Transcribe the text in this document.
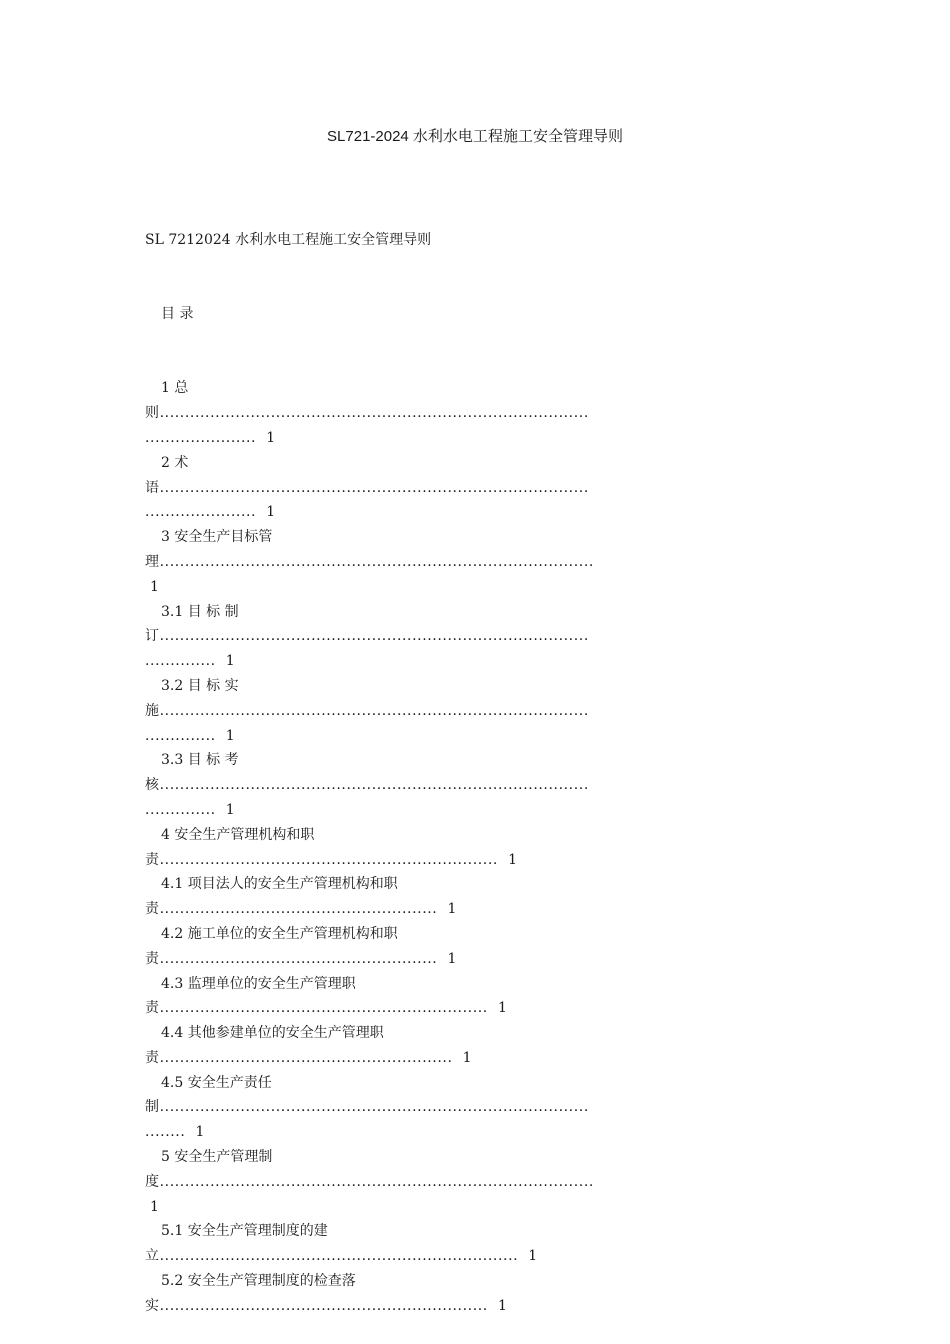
SL721-2024 水利水电工程施工安全管理导则

SL 7212024 水利水电工程施工安全管理导则

目 录

1 总
则.....................................................................................
......................  1
2 术
语.....................................................................................
......................  1
3 安全生产目标管
理......................................................................................
1
3.1 目 标 制
订.....................................................................................
..............  1
3.2 目 标 实
施.....................................................................................
..............  1
3.3 目 标 考
核.....................................................................................
..............  1
4 安全生产管理机构和职
责...................................................................  1
4.1 项目法人的安全生产管理机构和职
责.......................................................  1
4.2 施工单位的安全生产管理机构和职
责.......................................................  1
4.3 监理单位的安全生产管理职
责.................................................................  1
4.4 其他参建单位的安全生产管理职
责..........................................................  1
4.5 安全生产责任
制.....................................................................................
........  1
5 安全生产管理制
度......................................................................................
1
5.1 安全生产管理制度的建
立.......................................................................  1
5.2 安全生产管理制度的检查落
实.................................................................  1
